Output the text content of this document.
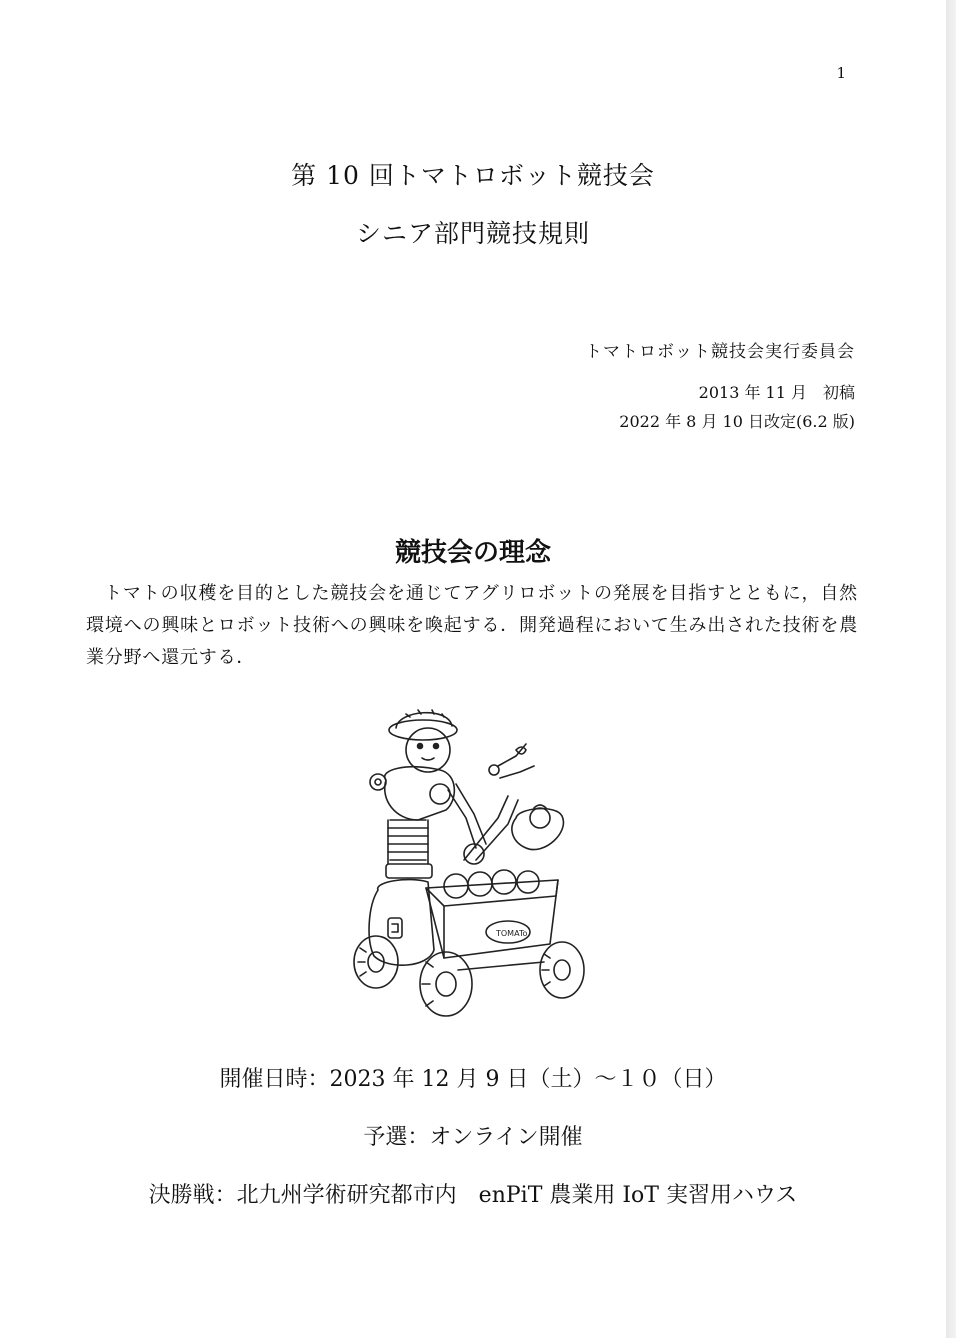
1
第 10 回トマトロボット競技会
シニア部門競技規則
トマトロボット競技会実行委員会
2013 年 11 月　初稿
2022 年 8 月 10 日改定(6.2 版)
競技会の理念
トマトの収穫を目的とした競技会を通じてアグリロボットの発展を目指すとともに，自然環境への興味とロボット技術への興味を喚起する．開発過程において生み出された技術を農業分野へ還元する．
TOMATo
開催日時：2023 年 12 月 9 日（土）～１０（日）
予選：オンライン開催
決勝戦：北九州学術研究都市内　enPiT 農業用 IoT 実習用ハウス
